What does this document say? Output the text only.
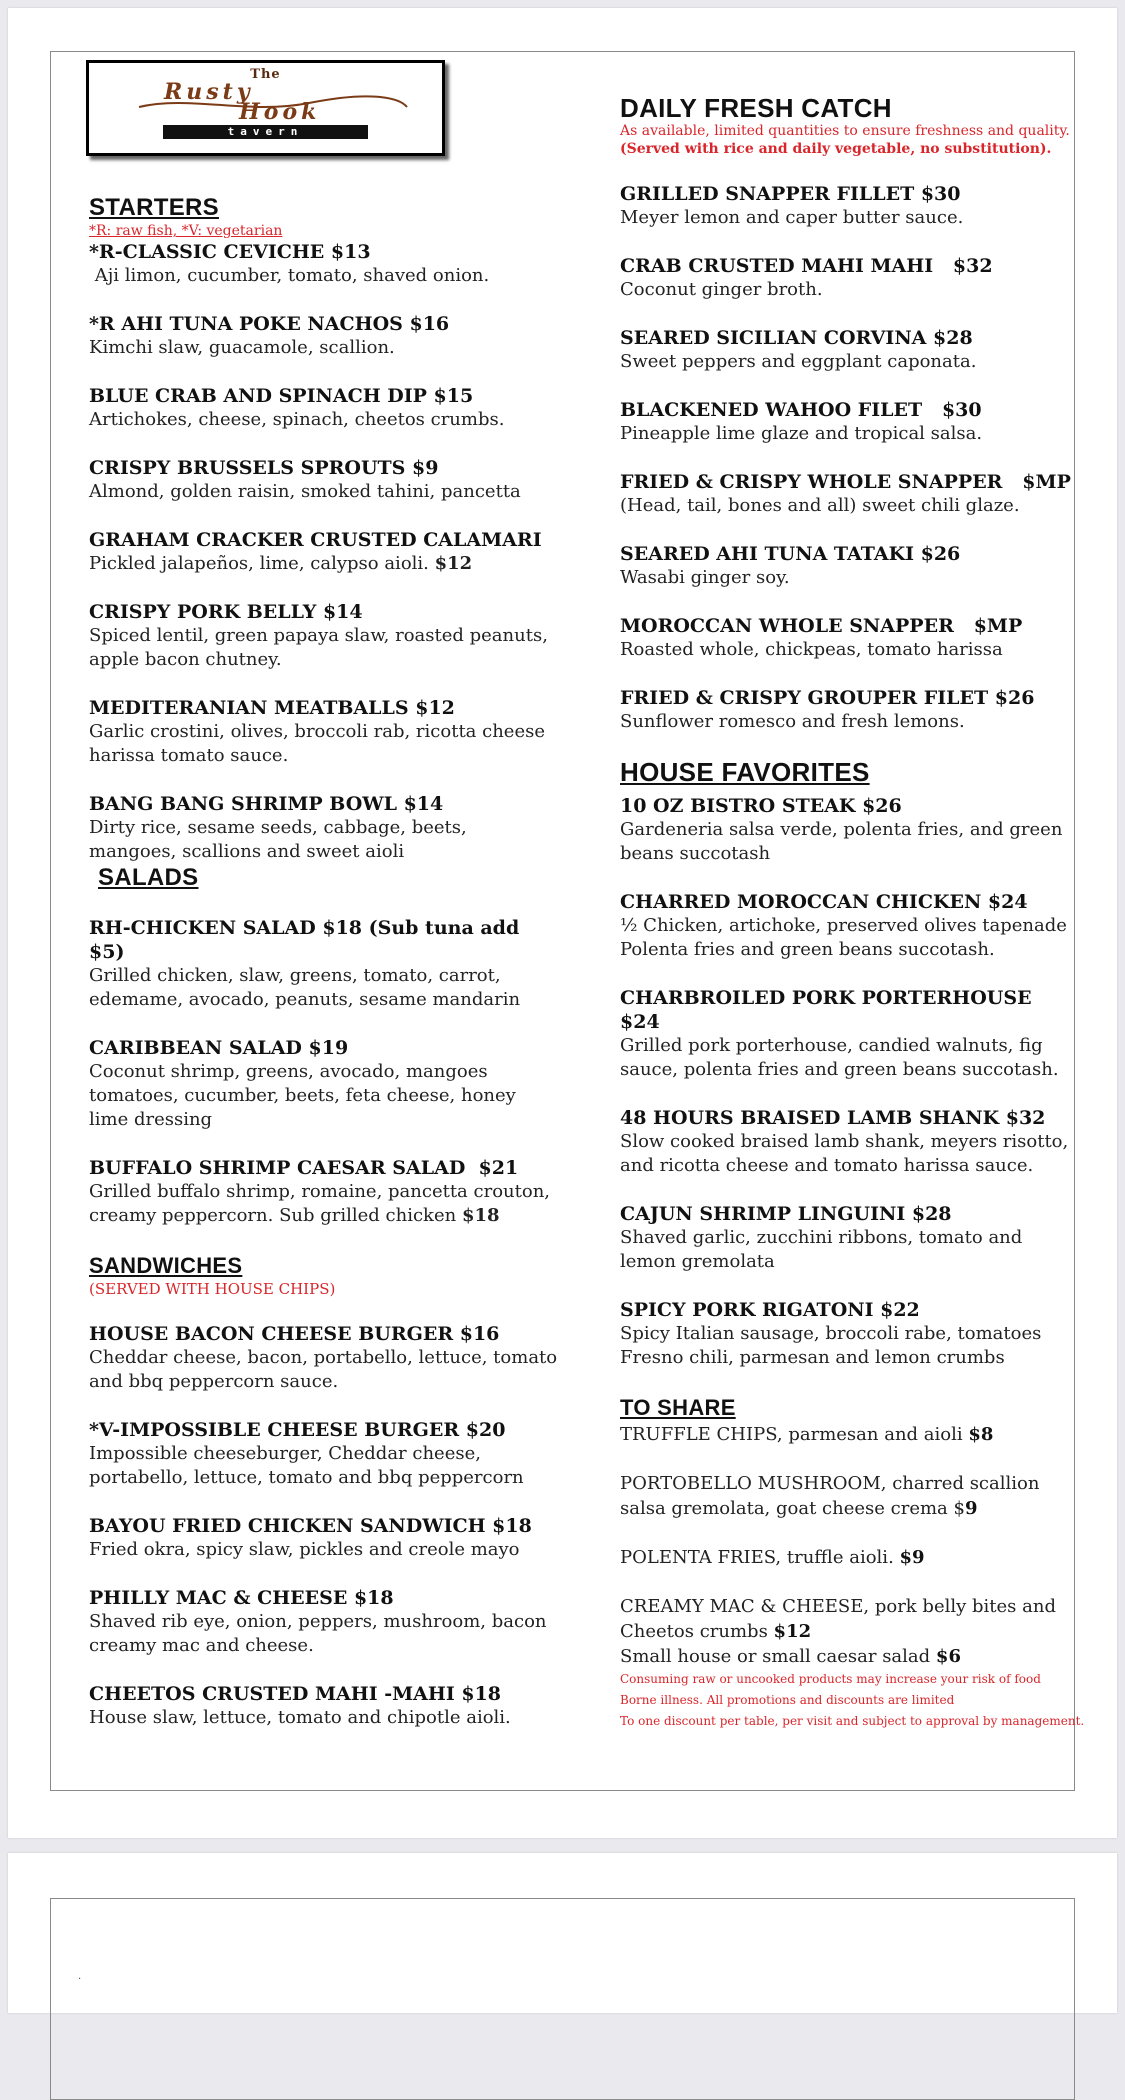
The
Rusty
Hook
tavern
STARTERS
*R: raw fish, *V: vegetarian

*R-CLASSIC CEVICHE $13

Aji limon, cucumber, tomato, shaved onion.

*R AHI TUNA POKE NACHOS $16

Kimchi slaw, guacamole, scallion.

BLUE CRAB AND SPINACH DIP $15

Artichokes, cheese, spinach, cheetos crumbs.

CRISPY BRUSSELS SPROUTS $9

Almond, golden raisin, smoked tahini, pancetta

GRAHAM CRACKER CRUSTED CALAMARI

Pickled jalapeños, lime, calypso aioli. $12

CRISPY PORK BELLY $14

Spiced lentil, green papaya slaw, roasted peanuts, apple bacon chutney.

MEDITERANIAN MEATBALLS $12

Garlic crostini, olives, broccoli rab, ricotta cheese harissa tomato sauce.

BANG BANG SHRIMP BOWL $14

Dirty rice, sesame seeds, cabbage, beets, mangoes, scallions and sweet aioli

SALADS

RH-CHICKEN SALAD $18 (Sub tuna add $5)

Grilled chicken, slaw, greens, tomato, carrot, edemame, avocado, peanuts, sesame mandarin

CARIBBEAN SALAD $19

Coconut shrimp, greens, avocado, mangoes tomatoes, cucumber, beets, feta cheese, honey lime dressing

BUFFALO SHRIMP CAESAR SALAD  $21

Grilled buffalo shrimp, romaine, pancetta crouton, creamy peppercorn. Sub grilled chicken $18

SANDWICHES
(SERVED WITH HOUSE CHIPS)

HOUSE BACON CHEESE BURGER $16

Cheddar cheese, bacon, portabello, lettuce, tomato and bbq peppercorn sauce.

*V-IMPOSSIBLE CHEESE BURGER $20

Impossible cheeseburger, Cheddar cheese, portabello, lettuce, tomato and bbq peppercorn

BAYOU FRIED CHICKEN SANDWICH $18

Fried okra, spicy slaw, pickles and creole mayo

PHILLY MAC & CHEESE $18

Shaved rib eye, onion, peppers, mushroom, bacon creamy mac and cheese.

CHEETOS CRUSTED MAHI -MAHI $18

House slaw, lettuce, tomato and chipotle aioli.

DAILY FRESH CATCH
As available, limited quantities to ensure freshness and quality.
(Served with rice and daily vegetable, no substitution).

GRILLED SNAPPER FILLET $30

Meyer lemon and caper butter sauce.

CRAB CRUSTED MAHI MAHI   $32

Coconut ginger broth.

SEARED SICILIAN CORVINA $28

Sweet peppers and eggplant caponata.

BLACKENED WAHOO FILET   $30

Pineapple lime glaze and tropical salsa.

FRIED & CRISPY WHOLE SNAPPER   $MP

(Head, tail, bones and all) sweet chili glaze.

SEARED AHI TUNA TATAKI $26

Wasabi ginger soy.

MOROCCAN WHOLE SNAPPER   $MP

Roasted whole, chickpeas, tomato harissa

FRIED & CRISPY GROUPER FILET $26

Sunflower romesco and fresh lemons.

HOUSE FAVORITES

10 OZ BISTRO STEAK $26

Gardeneria salsa verde, polenta fries, and green beans succotash

CHARRED MOROCCAN CHICKEN $24

½ Chicken, artichoke, preserved olives tapenade Polenta fries and green beans succotash.

CHARBROILED PORK PORTERHOUSE $24

Grilled pork porterhouse, candied walnuts, fig sauce, polenta fries and green beans succotash.

48 HOURS BRAISED LAMB SHANK $32

Slow cooked braised lamb shank, meyers risotto, and ricotta cheese and tomato harissa sauce.

CAJUN SHRIMP LINGUINI $28

Shaved garlic, zucchini ribbons, tomato and lemon gremolata

SPICY PORK RIGATONI $22

Spicy Italian sausage, broccoli rabe, tomatoes Fresno chili, parmesan and lemon crumbs

TO SHARE

TRUFFLE CHIPS, parmesan and aioli $8

PORTOBELLO MUSHROOM, charred scallion salsa gremolata, goat cheese crema $9

POLENTA FRIES, truffle aioli. $9

CREAMY MAC & CHEESE, pork belly bites and Cheetos crumbs $12

Small house or small caesar salad $6

Consuming raw or uncooked products may increase your risk of food

Borne illness. All promotions and discounts are limited

To one discount per table, per visit and subject to approval by management.

.
